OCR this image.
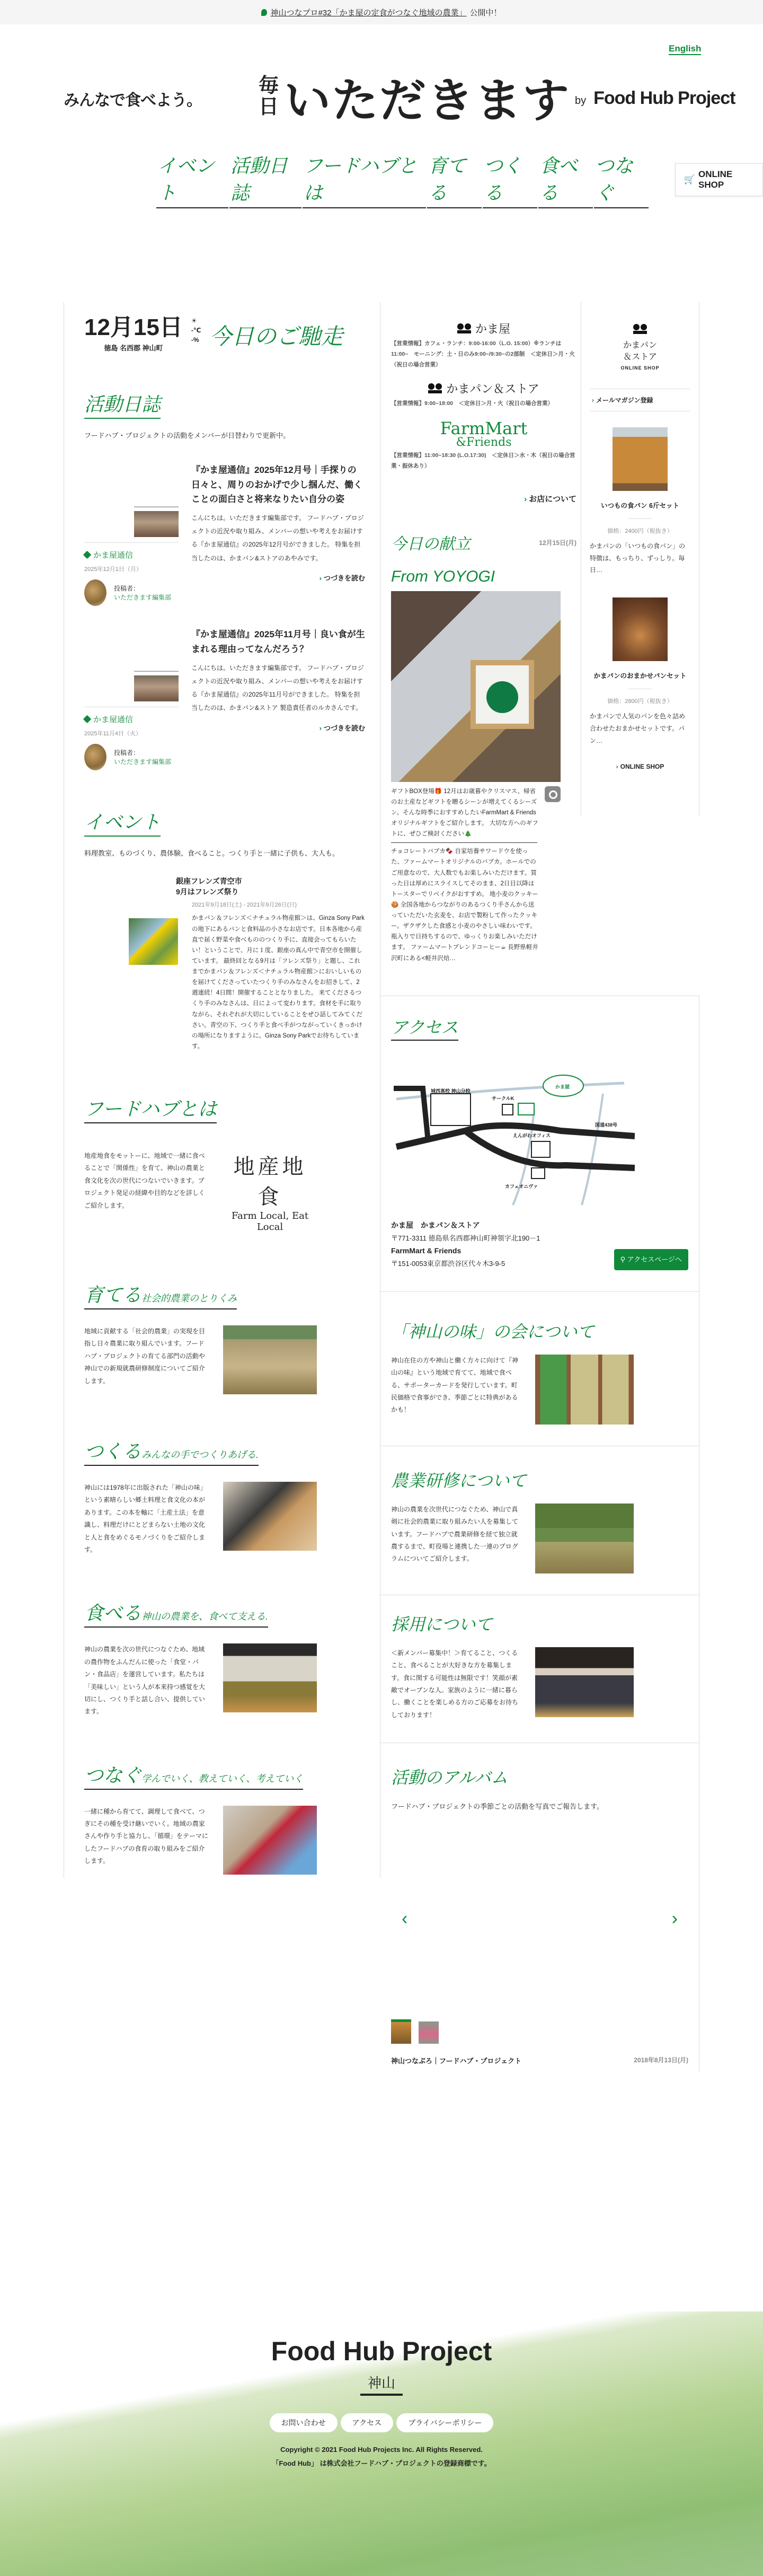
神山つなプロ#32「かま屋の定食がつなぐ地域の農業」 公開中！
English
みんなで食べよう。
毎
日 いただきます by Food Hub Project
イベント
活動日誌
フードハブとは
育てる
つくる
食べる
つなぐ
🛒
ONLINE SHOP
12月15日
徳島 名西郡 神山町
☀
-℃
-% 今日のご馳走
活動日誌
フードハブ・プロジェクトの活動をメンバーが日替わりで更新中。
かま屋通信
2025年12月1日（月）
投稿者：
いただきます編集部
『かま屋通信』2025年12月号｜手探りの日々と、周りのおかげで少し掴んだ、働くことの面白さと将来なりたい自分の姿

こんにちは。いただきます編集部です。 フードハブ・プロジェクトの近況や取り組み、メンバーの想いや考えをお届けする『かま屋通信』の2025年12月号ができました。 特集を担当したのは、かまパン&ストアのあやみです。

› つづきを読む
かま屋通信
2025年11月4日（火）
投稿者：
いただきます編集部
『かま屋通信』2025年11月号｜良い食が生まれる理由ってなんだろう？

こんにちは。いただきます編集部です。 フードハブ・プロジェクトの近況や取り組み、メンバーの想いや考えをお届けする『かま屋通信』の2025年11月号ができました。 特集を担当したのは、かまパン&ストア 製造責任者のルカさんです。

› つづきを読む
イベント
料理教室、ものづくり、農体験、食べること。つくり手と一緒に子供も、大人も。
銀座フレンズ青空市
9月はフレンズ祭り
2021年9月18日(土) - 2021年9月26日(日)

かまパン＆フレンズ＜ナチュラル物産館＞は、Ginza Sony Parkの地下にあるパンと食料品の小さなお店です。日本各地から産直で届く野菜や食べもののつくり手に、直接会ってもらいたい！ということで、月に１度、銀座の真ん中で青空市を開催しています。 最終回となる9月は「フレンズ祭り」と題し、これまでかまパン＆フレンズ＜ナチュラル物産館＞においしいものを届けてくださっていたつくり手のみなさんをお招きして、2週連続！4日間！開催することとなりました。 来てくださるつくり手のみなさんは、日によって変わります。食材を手に取りながら、それぞれが大切にしていることをぜひ話してみてください。青空の下、つくり手と食べ手がつながっていくきっかけの場所になりますように。Ginza Sony Parkでお待ちしています。

フードハブとは

地産地食をモットーに、地域で一緒に食べることで「関係性」を育て、神山の農業と食文化を次の世代につないでいきます。プロジェクト発足の経緯や目的などを詳しくご紹介します。

地産地食
Farm Local, Eat Local
育てる社会的農業のとりくみ

地域に貢献する「社会的農業」の実現を目指し日々農業に取り組んでいます。フードハブ・プロジェクトの育てる部門の活動や神山での新規就農研修制度についてご紹介します。

つくるみんなの手でつくりあげる.

神山には1978年に出版された「神山の味」という素晴らしい郷土料理と食文化の本があります。この本を軸に「土産土法」を意識し、料理だけにとどまらない土地の文化と人と食をめぐるモノづくりをご紹介します。

食べる神山の農業を、食べて支える.

神山の農業を次の世代につなぐため、地域の農作物をふんだんに使った「食堂・パン・食品店」を運営しています。私たちは「美味しい」という人が本来持つ感覚を大切にし、つくり手と話し合い、提供しています。

つなぐ学んでいく、教えていく、考えていく

一緒に種から育てて、調理して食べて、つぎにその種を受け継いでいく。地域の農家さんや作り手と協力し、「循環」をテーマにしたフードハブの食育の取り組みをご紹介します。

かま屋
【営業情報】カフェ・ランチ：9:00-16:00（L.O. 15:00）※ランチは11:00~　モーニング：土・日のみ9:00~/9:30~の2部制　＜定休日＞月・火（祝日の場合営業）
かまパン＆ストア
【営業情報】9:00~18:00　＜定休日＞月・火（祝日の場合営業）
FarmMart
&Friends
【営業情報】11:00~18:30 (L.O.17:30)　＜定休日＞水・木（祝日の場合営業・振休あり）
› お店について
今日の献立	12月15日(月)
From YOYOGI

ギフトBOX登場🎁 12月はお歳暮やクリスマス、帰省のお土産などギフトを贈るシーンが増えてくるシーズン。そんな時季におすすめしたいFarmMart & Friendsオリジナルギフトをご紹介します。 大切な方へのギフトに、ぜひご検討ください🎄

チョコレートバブカ🍫 自家培養サワードウを使った、ファームマートオリジナルのバブカ。ホールでのご用意なので、大人数でもお楽しみいただけます。買った日は厚めにスライスしてそのまま、2日目以降はトースターでリベイクがおすすめ。 地小麦のクッキー🍪 全国各地からつながりのあるつくり手さんから送っていただいた玄麦を、お店で製粉して作ったクッキー。ザクザクした食感と小麦のやさしい味わいです。瓶入りで日持ちするので、ゆっくりお楽しみいただけます。 ファームマートブレンドコーヒー☕ 長野県軽井沢町にある<軽井沢焙…

かまパン
＆ストア
ONLINE SHOP
› メールマガジン登録
いつもの食パン 6斤セット
価格：2400円（税抜き）

かまパンの「いつもの食パン」の特徴は、もっちり、ずっしり。毎日…

かまパンのおまかせパンセット
価格：2800円（税抜き）

かまパンで人気のパンを色々詰め合わせたおまかせセットです。パン…

› ONLINE SHOP
アクセス
城西高校 神山分校
サークルK
かま屋
国道438号
えんがわオフィス
カフェオニヴァ
かま屋　かまパン＆ストア
〒771-3311 徳島県名西郡神山町神領字北190－1
FarmMart & Friends
〒151-0053東京都渋谷区代々木3-9-5
⚲ アクセスページへ
「神山の味」の会について

神山在住の方や神山と働く方々に向けて『神山の味』という地域で育てて、地域で食べる、サポーターカードを発行しています。町民価格で食事ができ、季節ごとに特典があるかも！

農業研修について

神山の農業を次世代につなぐため、神山で真剣に社会的農業に取り組みたい人を募集しています。フードハブで農業研修を経て独立就農するまで、町役場と連携した一連のプログラムについてご紹介します。

採用について

＜新メンバー募集中！＞育てること、つくること、食べることが大好きな方を募集します。食に関する可能性は無限です！笑顔が素敵でオープンな人。家族のように一緒に暮らし、働くことを楽しめる方のご応募をお待ちしております！

活動のアルバム
フードハブ・プロジェクトの季節ごとの活動を写真でご報告します。
‹	›
神山つなぷろ｜フードハブ・プロジェクト	2018年8月13日(月)
Food Hub Project
神山
お問い合わせ	アクセス	プライバシーポリシー
Copyright © 2021 Food Hub Projects Inc. All Rights Reserved.
「Food Hub」 は株式会社フードハブ・プロジェクトの登録商標です。
